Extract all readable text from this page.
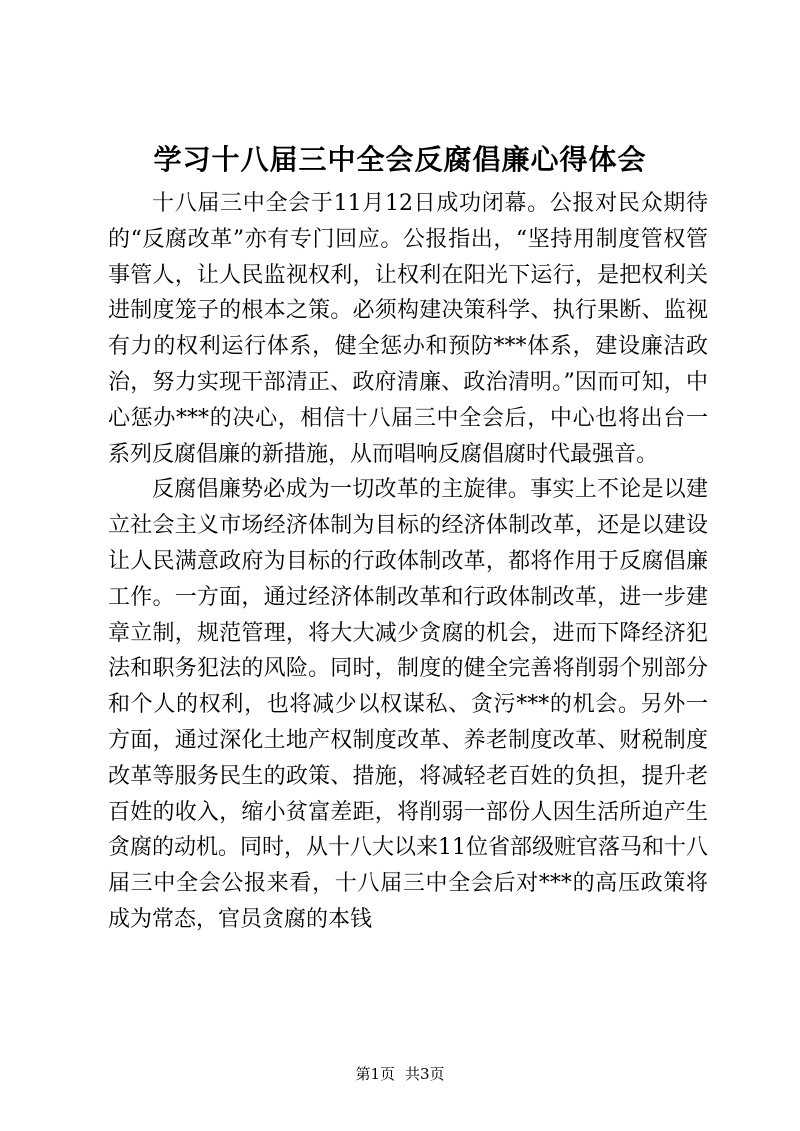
学习十八届三中全会反腐倡廉心得体会

十八届三中全会于11月12日成功闭幕。公报对民众期待的“反腐改革”亦有专门回应。公报指出，“坚持用制度管权管事管人，让人民监视权利，让权利在阳光下运行，是把权利关进制度笼子的根本之策。必须构建决策科学、执行果断、监视有力的权利运行体系，健全惩办和预防***体系，建设廉洁政治，努力实现干部清正、政府清廉、政治清明。”因而可知，中心惩办***的决心，相信十八届三中全会后，中心也将出台一系列反腐倡廉的新措施，从而唱响反腐倡腐时代最强音。

反腐倡廉势必成为一切改革的主旋律。事实上不论是以建立社会主义市场经济体制为目标的经济体制改革，还是以建设让人民满意政府为目标的行政体制改革，都将作用于反腐倡廉工作。一方面，通过经济体制改革和行政体制改革，进一步建章立制，规范管理，将大大减少贪腐的机会，进而下降经济犯法和职务犯法的风险。同时，制度的健全完善将削弱个别部分和个人的权利，也将减少以权谋私、贪污***的机会。另外一方面，通过深化土地产权制度改革、养老制度改革、财税制度改革等服务民生的政策、措施，将减轻老百姓的负担，提升老百姓的收入，缩小贫富差距，将削弱一部份人因生活所迫产生贪腐的动机。同时，从十八大以来11位省部级赃官落马和十八届三中全会公报来看，十八届三中全会后对***的高压政策将成为常态，官员贪腐的本钱

第1页 共3页
